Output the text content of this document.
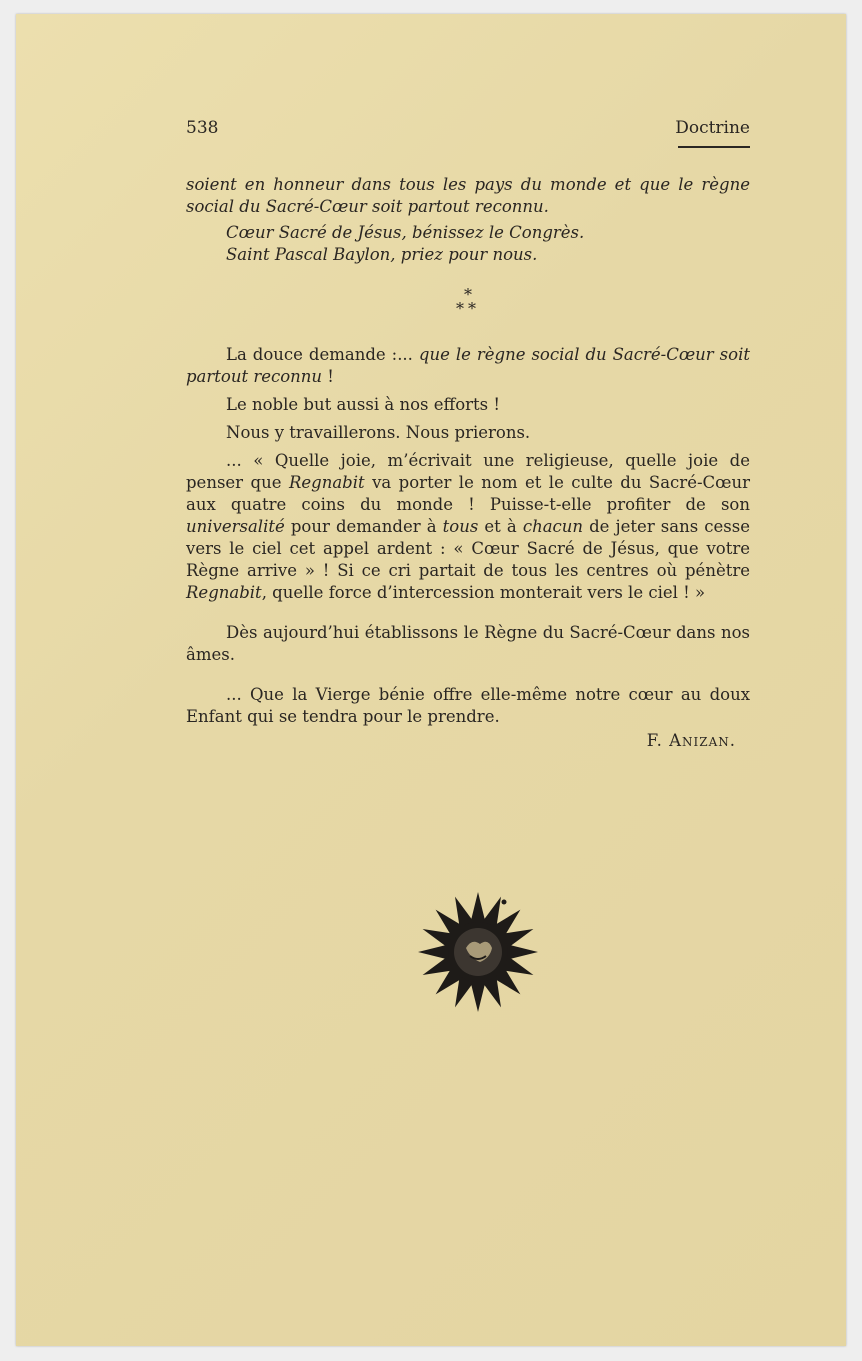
538	Doctrine

soient en honneur dans tous les pays du monde et que le règne social du Sacré-Cœur soit partout reconnu.

Cœur Sacré de Jésus, bénissez le Congrès.

Saint Pascal Baylon, priez pour nous.

*
**

La douce demande :... que le règne social du Sacré-Cœur soit partout reconnu !

Le noble but aussi à nos efforts !

Nous y travaillerons. Nous prierons.

... « Quelle joie, m’écrivait une religieuse, quelle joie de penser que Regnabit va porter le nom et le culte du Sacré-Cœur aux quatre coins du monde ! Puisse-t-elle profiter de son universalité pour demander à tous et à chacun de jeter sans cesse vers le ciel cet appel ardent : « Cœur Sacré de Jésus, que votre Règne arrive » ! Si ce cri partait de tous les centres où pénètre Regnabit, quelle force d’intercession monterait vers le ciel ! »

Dès aujourd’hui établissons le Règne du Sacré-Cœur dans nos âmes.

... Que la Vierge bénie offre elle-même notre cœur au doux Enfant qui se tendra pour le prendre.

F. Anizan.
